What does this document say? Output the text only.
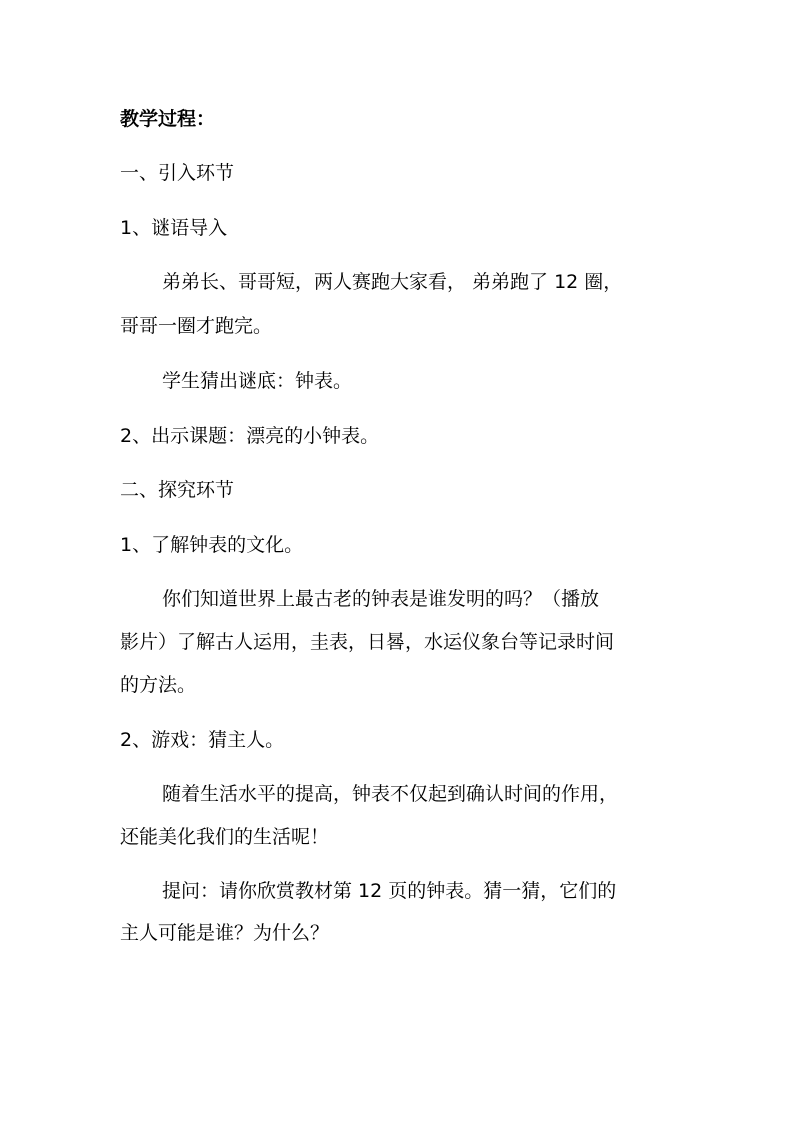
教学过程：
一、引入环节
1、谜语导入
弟弟长、哥哥短，两人赛跑大家看， 弟弟跑了 12 圈，
哥哥一圈才跑完。
学生猜出谜底：钟表。
2、出示课题：漂亮的小钟表。
二、探究环节
1、了解钟表的文化。
你们知道世界上最古老的钟表是谁发明的吗？（播放
影片）了解古人运用，圭表，日晷，水运仪象台等记录时间
的方法。
2、游戏：猜主人。
随着生活水平的提高，钟表不仅起到确认时间的作用，
还能美化我们的生活呢！
提问：请你欣赏教材第 12 页的钟表。猜一猜，它们的
主人可能是谁？为什么？
